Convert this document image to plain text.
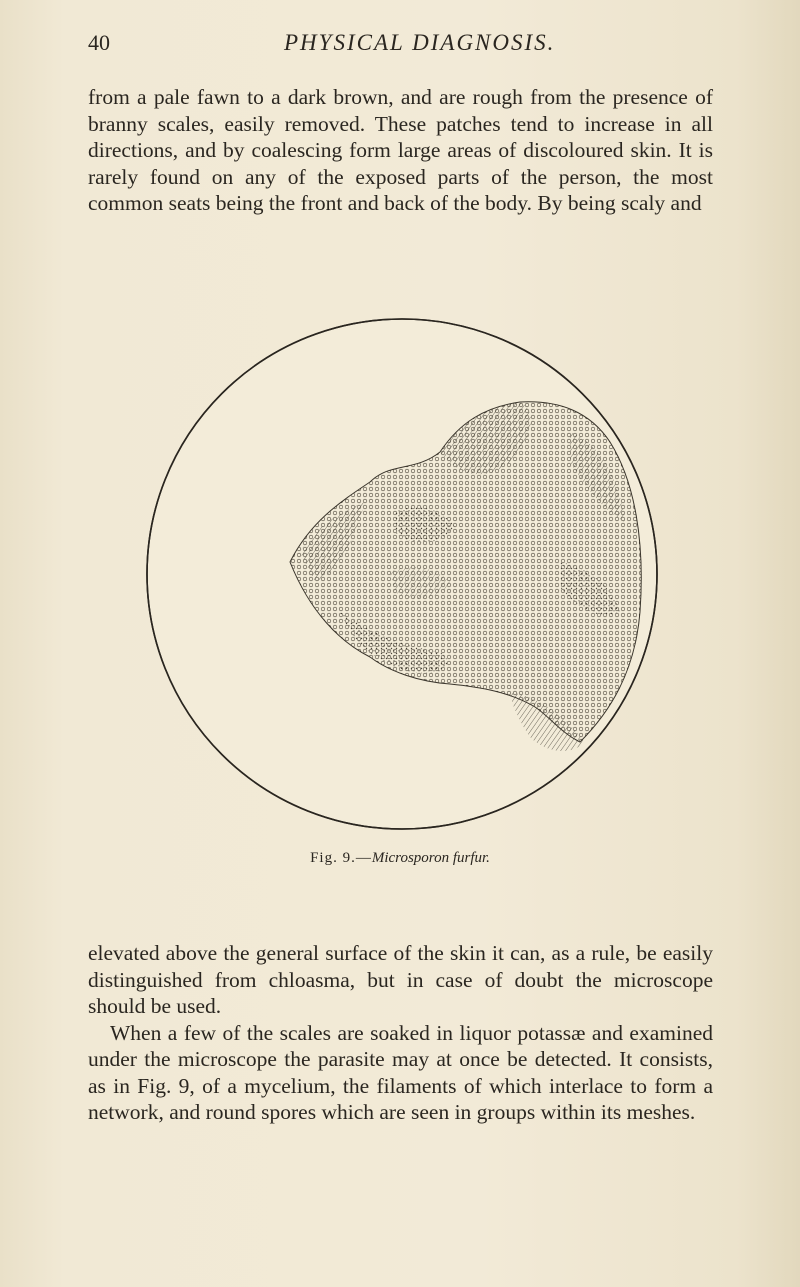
40	PHYSICAL DIAGNOSIS.

from a pale fawn to a dark brown, and are rough from the presence of branny scales, easily removed. These patches tend to increase in all directions, and by coalescing form large areas of discoloured skin. It is rarely found on any of the exposed parts of the person, the most common seats being the front and back of the body. By being scaly and

Fig. 9.—Microsporon furfur.
elevated above the general surface of the skin it can, as a rule, be easily distinguished from chloasma, but in case of doubt the microscope should be used.
When a few of the scales are soaked in liquor potassæ and examined under the microscope the parasite may at once be detected. It consists, as in Fig. 9, of a mycelium, the filaments of which interlace to form a network, and round spores which are seen in groups within its meshes.
